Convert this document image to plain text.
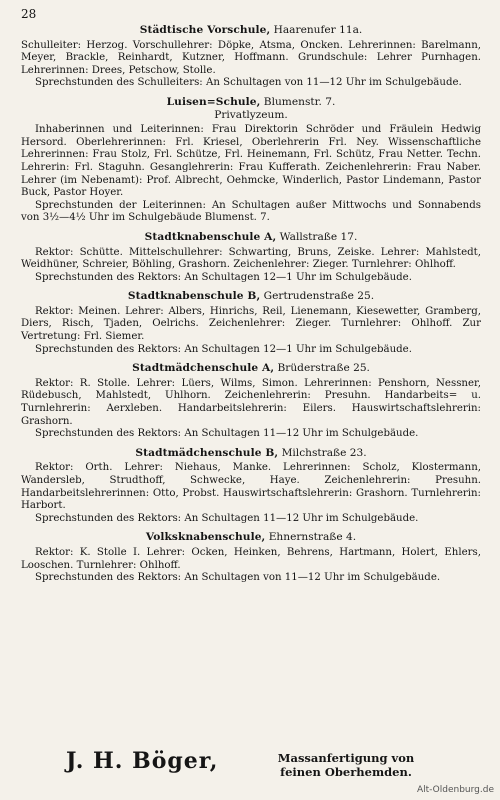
28
Städtische Vorschule, Haarenufer 11a.
Schulleiter: Herzog. Vorschullehrer: Döpke, Atsma, Oncken. Lehrerinnen: Barelmann, Meyer, Brackle, Reinhardt, Kutzner, Hoffmann. Grundschule: Lehrer Purnhagen. Lehrerinnen: Drees, Petschow, Stolle.
Sprechstunden des Schulleiters: An Schultagen von 11—12 Uhr im Schulgebäude.
Luisen=Schule, Blumenstr. 7.
Privatlyzeum.
Inhaberinnen und Leiterinnen: Frau Direktorin Schröder und Fräulein Hedwig Hersord. Oberlehrerinnen: Frl. Kriesel, Oberlehrerin Frl. Ney. Wissenschaftliche Lehrerinnen: Frau Stolz, Frl. Schütze, Frl. Heinemann, Frl. Schütz, Frau Netter. Techn. Lehrerin: Frl. Staguhn. Gesanglehrerin: Frau Kufferath. Zeichenlehrerin: Frau Naber. Lehrer (im Nebenamt): Prof. Albrecht, Oehmcke, Winderlich, Pastor Lindemann, Pastor Buck, Pastor Hoyer.
Sprechstunden der Leiterinnen: An Schultagen außer Mittwochs und Sonnabends von 3½—4½ Uhr im Schulgebäude Blumenst. 7.
Stadtknabenschule A, Wallstraße 17.
Rektor: Schütte. Mittelschullehrer: Schwarting, Bruns, Zeiske. Lehrer: Mahlstedt, Weidhüner, Schreier, Böhling, Grashorn. Zeichenlehrer: Zieger. Turnlehrer: Ohlhoff.
Sprechstunden des Rektors: An Schultagen 12—1 Uhr im Schulgebäude.
Stadtknabenschule B, Gertrudenstraße 25.
Rektor: Meinen. Lehrer: Albers, Hinrichs, Reil, Lienemann, Kiesewetter, Gramberg, Diers, Risch, Tjaden, Oelrichs. Zeichenlehrer: Zieger. Turnlehrer: Ohlhoff. Zur Vertretung: Frl. Siemer.
Sprechstunden des Rektors: An Schultagen 12—1 Uhr im Schulgebäude.
Stadtmädchenschule A, Brüderstraße 25.
Rektor: R. Stolle. Lehrer: Lüers, Wilms, Simon. Lehrerinnen: Penshorn, Nessner, Rüdebusch, Mahlstedt, Uhlhorn. Zeichenlehrerin: Presuhn. Handarbeits= u. Turnlehrerin: Aerxleben. Handarbeitslehrerin: Eilers. Hauswirtschaftslehrerin: Grashorn.
Sprechstunden des Rektors: An Schultagen 11—12 Uhr im Schulgebäude.
Stadtmädchenschule B, Milchstraße 23.
Rektor: Orth. Lehrer: Niehaus, Manke. Lehrerinnen: Scholz, Klostermann, Wandersleb, Strudthoff, Schwecke, Haye. Zeichenlehrerin: Presuhn. Handarbeitslehrerinnen: Otto, Probst. Hauswirtschaftslehrerin: Grashorn. Turnlehrerin: Harbort.
Sprechstunden des Rektors: An Schultagen 11—12 Uhr im Schulgebäude.
Volksknabenschule, Ehnernstraße 4.
Rektor: K. Stolle I. Lehrer: Ocken, Heinken, Behrens, Hartmann, Holert, Ehlers, Looschen. Turnlehrer: Ohlhoff.
Sprechstunden des Rektors: An Schultagen von 11—12 Uhr im Schulgebäude.
J. H. Böger,	Massanfertigung von
feinen Oberhemden.
Alt-Oldenburg.de
